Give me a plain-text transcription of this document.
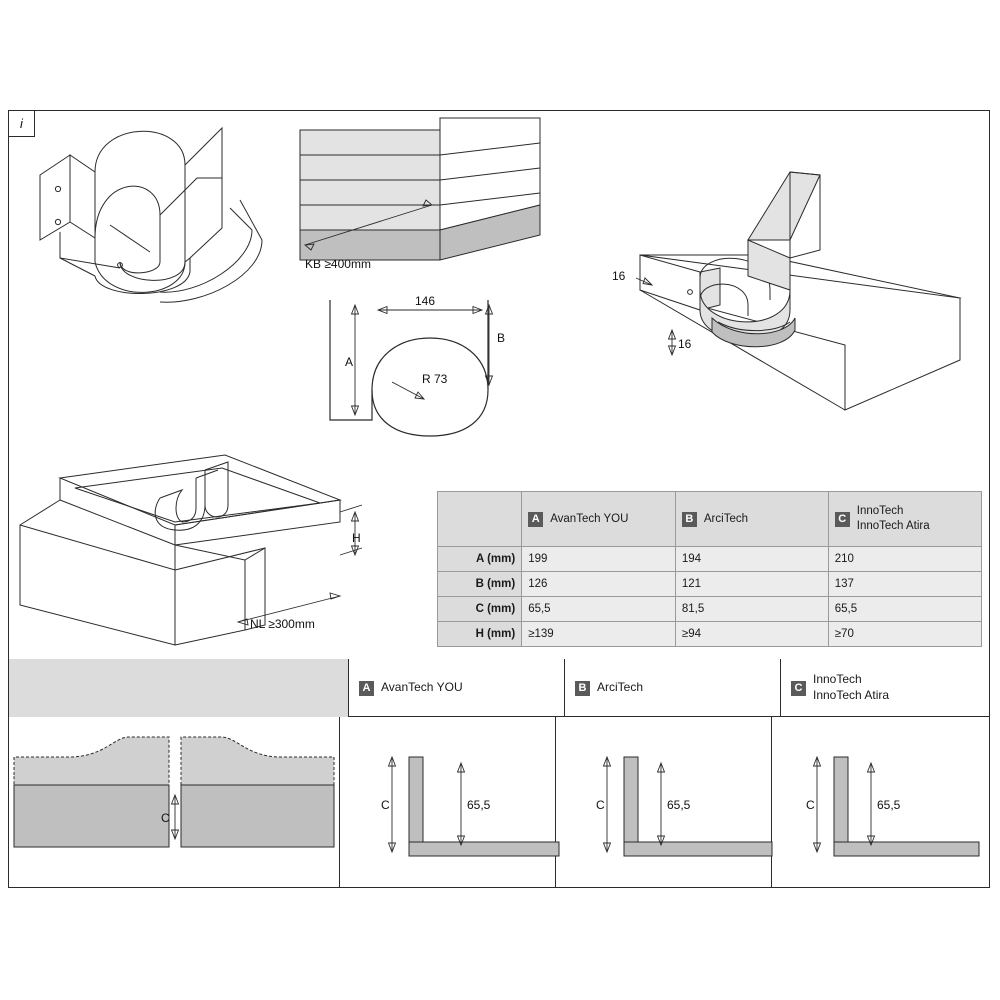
i
KB ≥400mm
A
B
146
R 73
16
16
H
NL ≥300mm
	A AvanTech YOU	B ArciTech	CInnoTech
InnoTech Atira
A (mm)	199	194	210
B (mm)	126	121	137
C (mm)	65,5	81,5	65,5
H (mm)	≥139	≥94	≥70
A AvanTech YOU	B ArciTech	C
InnoTech
InnoTech Atira
C
C	65,5	C	65,5	C	65,5
